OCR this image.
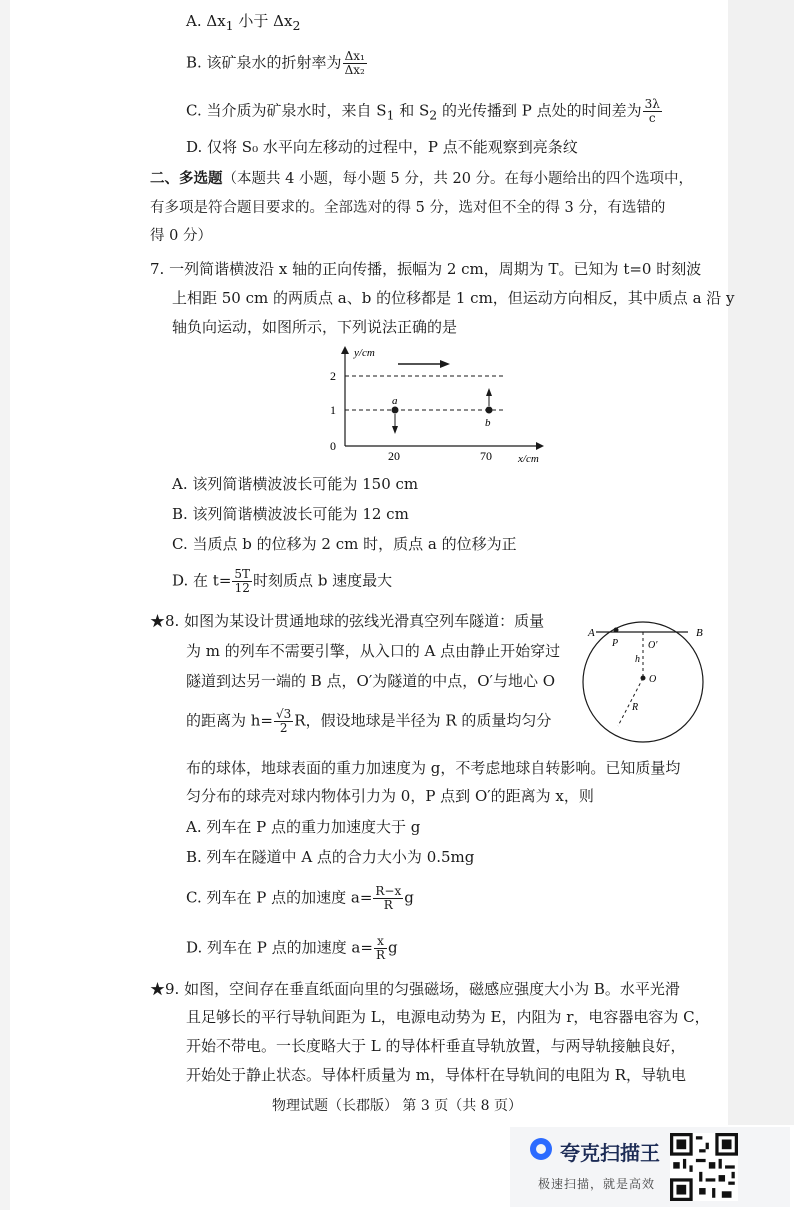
A. $\Delta x_1$ 小于 $\Delta x_2$
B. 该矿泉水的折射率为 $\frac{\text{Δx₁}}{\text{Δx₂}}$
C. 当介质为矿泉水时，来自 $S_1$ 和 $S_2$ 的光传播到 P 点处的时间差为 $\frac{3\lambda}{c}$
D. 仅将 S₀ 水平向左移动的过程中，P 点不能观察到亮条纹
二、多选题（本题共 4 小题，每小题 5 分，共 20 分。在每小题给出的四个选项中，
有多项是符合题目要求的。全部选对的得 5 分，选对但不全的得 3 分，有选错的
得 0 分）
7. 一列简谐横波沿 x 轴的正向传播，振幅为 2 cm，周期为 T。已知为 t=0 时刻波
上相距 50 cm 的两质点 a、b 的位移都是 1 cm，但运动方向相反，其中质点 a 沿 y
轴负向运动，如图所示，下列说法正确的是
y/cm
x/cm
2
1
0
20	70
a
b
A. 该列简谐横波波长可能为 150 cm
B. 该列简谐横波波长可能为 12 cm
C. 当质点 b 的位移为 2 cm 时，质点 a 的位移为正
D. 在 $t= \frac{5T}{12}$ 时刻质点 b 速度最大
★8. 如图为某设计贯通地球的弦线光滑真空列车隧道：质量
为 m 的列车不需要引擎，从入口的 A 点由静止开始穿过
隧道到达另一端的 B 点，O′为隧道的中点，O′与地心 O
的距离为 $h= \frac{√3}{2}$ R，假设地球是半径为 R 的质量均匀分
布的球体，地球表面的重力加速度为 g，不考虑地球自转影响。已知质量均
匀分布的球壳对球内物体引力为 0，P 点到 O′的距离为 x，则
A	B
P	O′
h
O
R
A. 列车在 P 点的重力加速度大于 g
B. 列车在隧道中 A 点的合力大小为 0.5mg
C. 列车在 P 点的加速度 $a= \frac{R-x}{R}$ g
D. 列车在 P 点的加速度 $a= \frac{x}{R}$ g
★9. 如图，空间存在垂直纸面向里的匀强磁场，磁感应强度大小为 B。水平光滑
且足够长的平行导轨间距为 L，电源电动势为 E，内阻为 r，电容器电容为 C，
开始不带电。一长度略大于 L 的导体杆垂直导轨放置，与两导轨接触良好，
开始处于静止状态。导体杆质量为 m，导体杆在导轨间的电阻为 R，导轨电
物理试题（长郡版） 第 3 页（共 8 页）
夸克扫描王
极速扫描，就是高效
